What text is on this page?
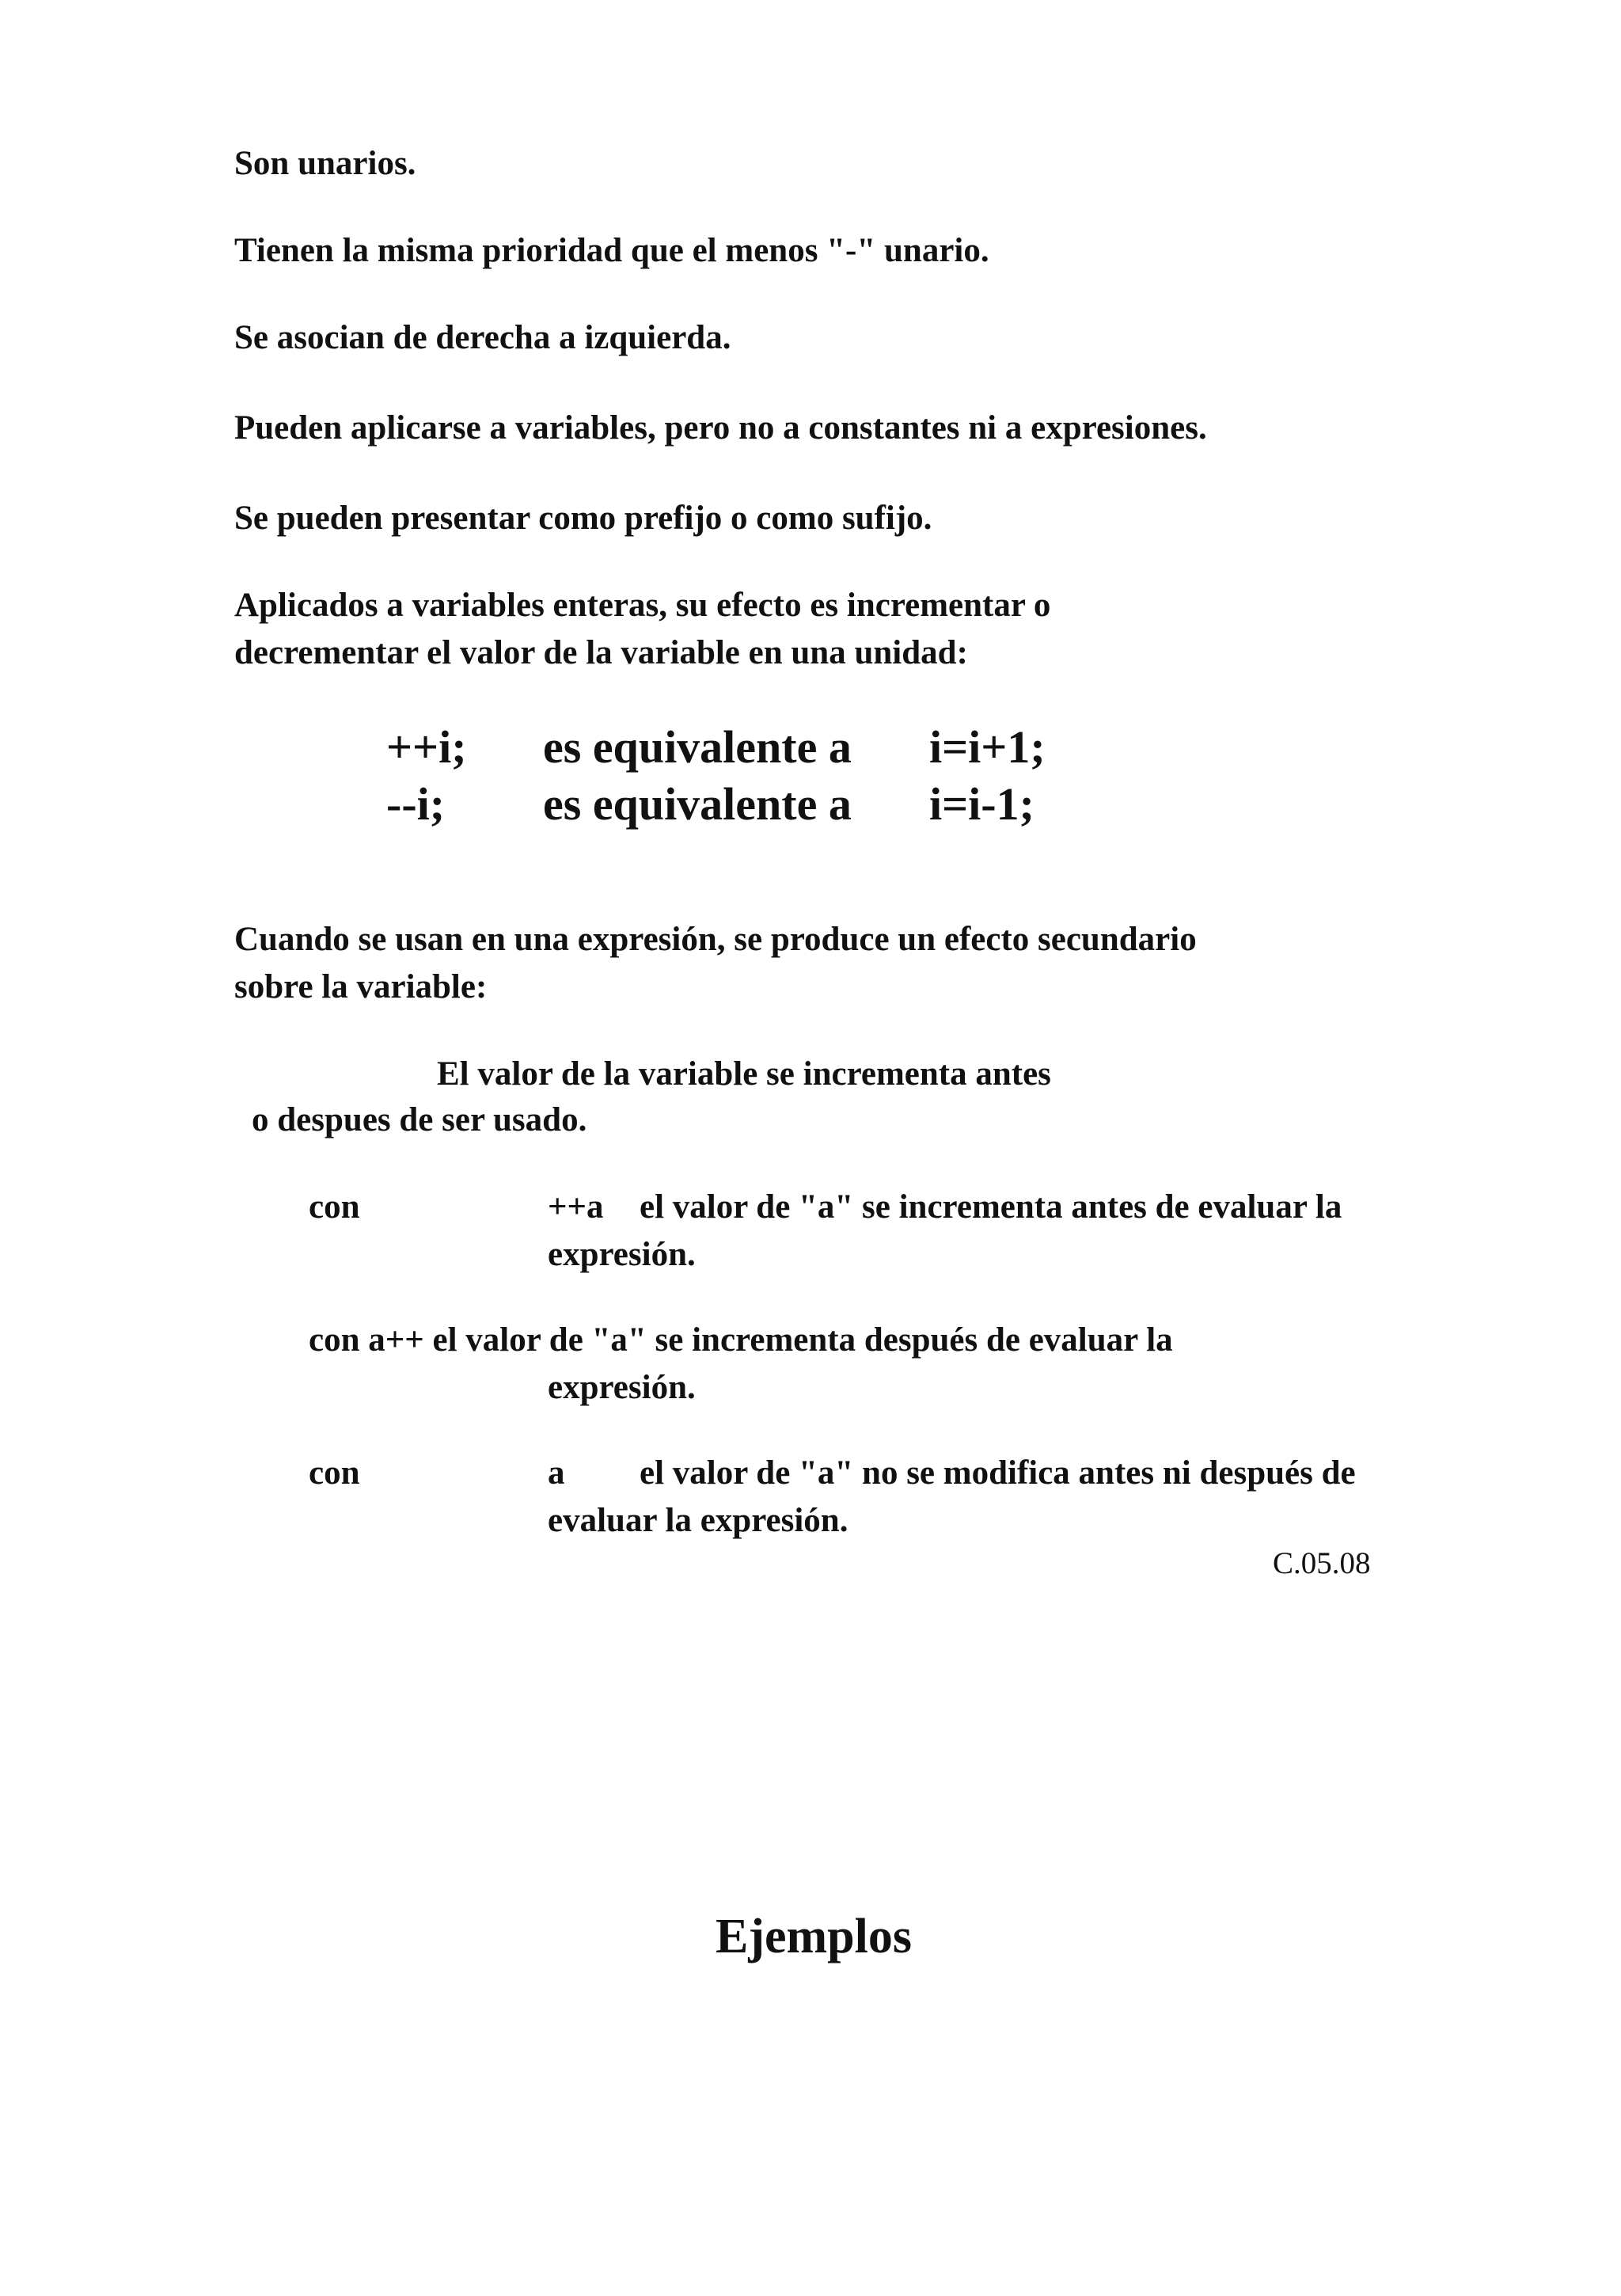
Son unarios.

Tienen la misma prioridad que el menos "-" unario.

Se asocian de derecha a izquierda.

Pueden aplicarse a variables, pero no a constantes ni a expresiones.

Se pueden presentar como prefijo o como sufijo.

Aplicados a variables enteras, su efecto es incrementar o

decrementar el valor de la variable en una unidad:

++i; es equivalente a i=i+1;

--i; es equivalente a i=i-1;

Cuando se usan en una expresión, se produce un efecto secundario

sobre la variable:

El valor de la variable se incrementa antes

o despues de ser usado.

con	++a el valor de "a" se incrementa antes de evaluar la

expresión.

con a++ el valor de "a" se incrementa después de evaluar la

expresión.

con	a el valor de "a" no se modifica antes ni después de

evaluar la expresión.

C.05.08

Ejemplos
